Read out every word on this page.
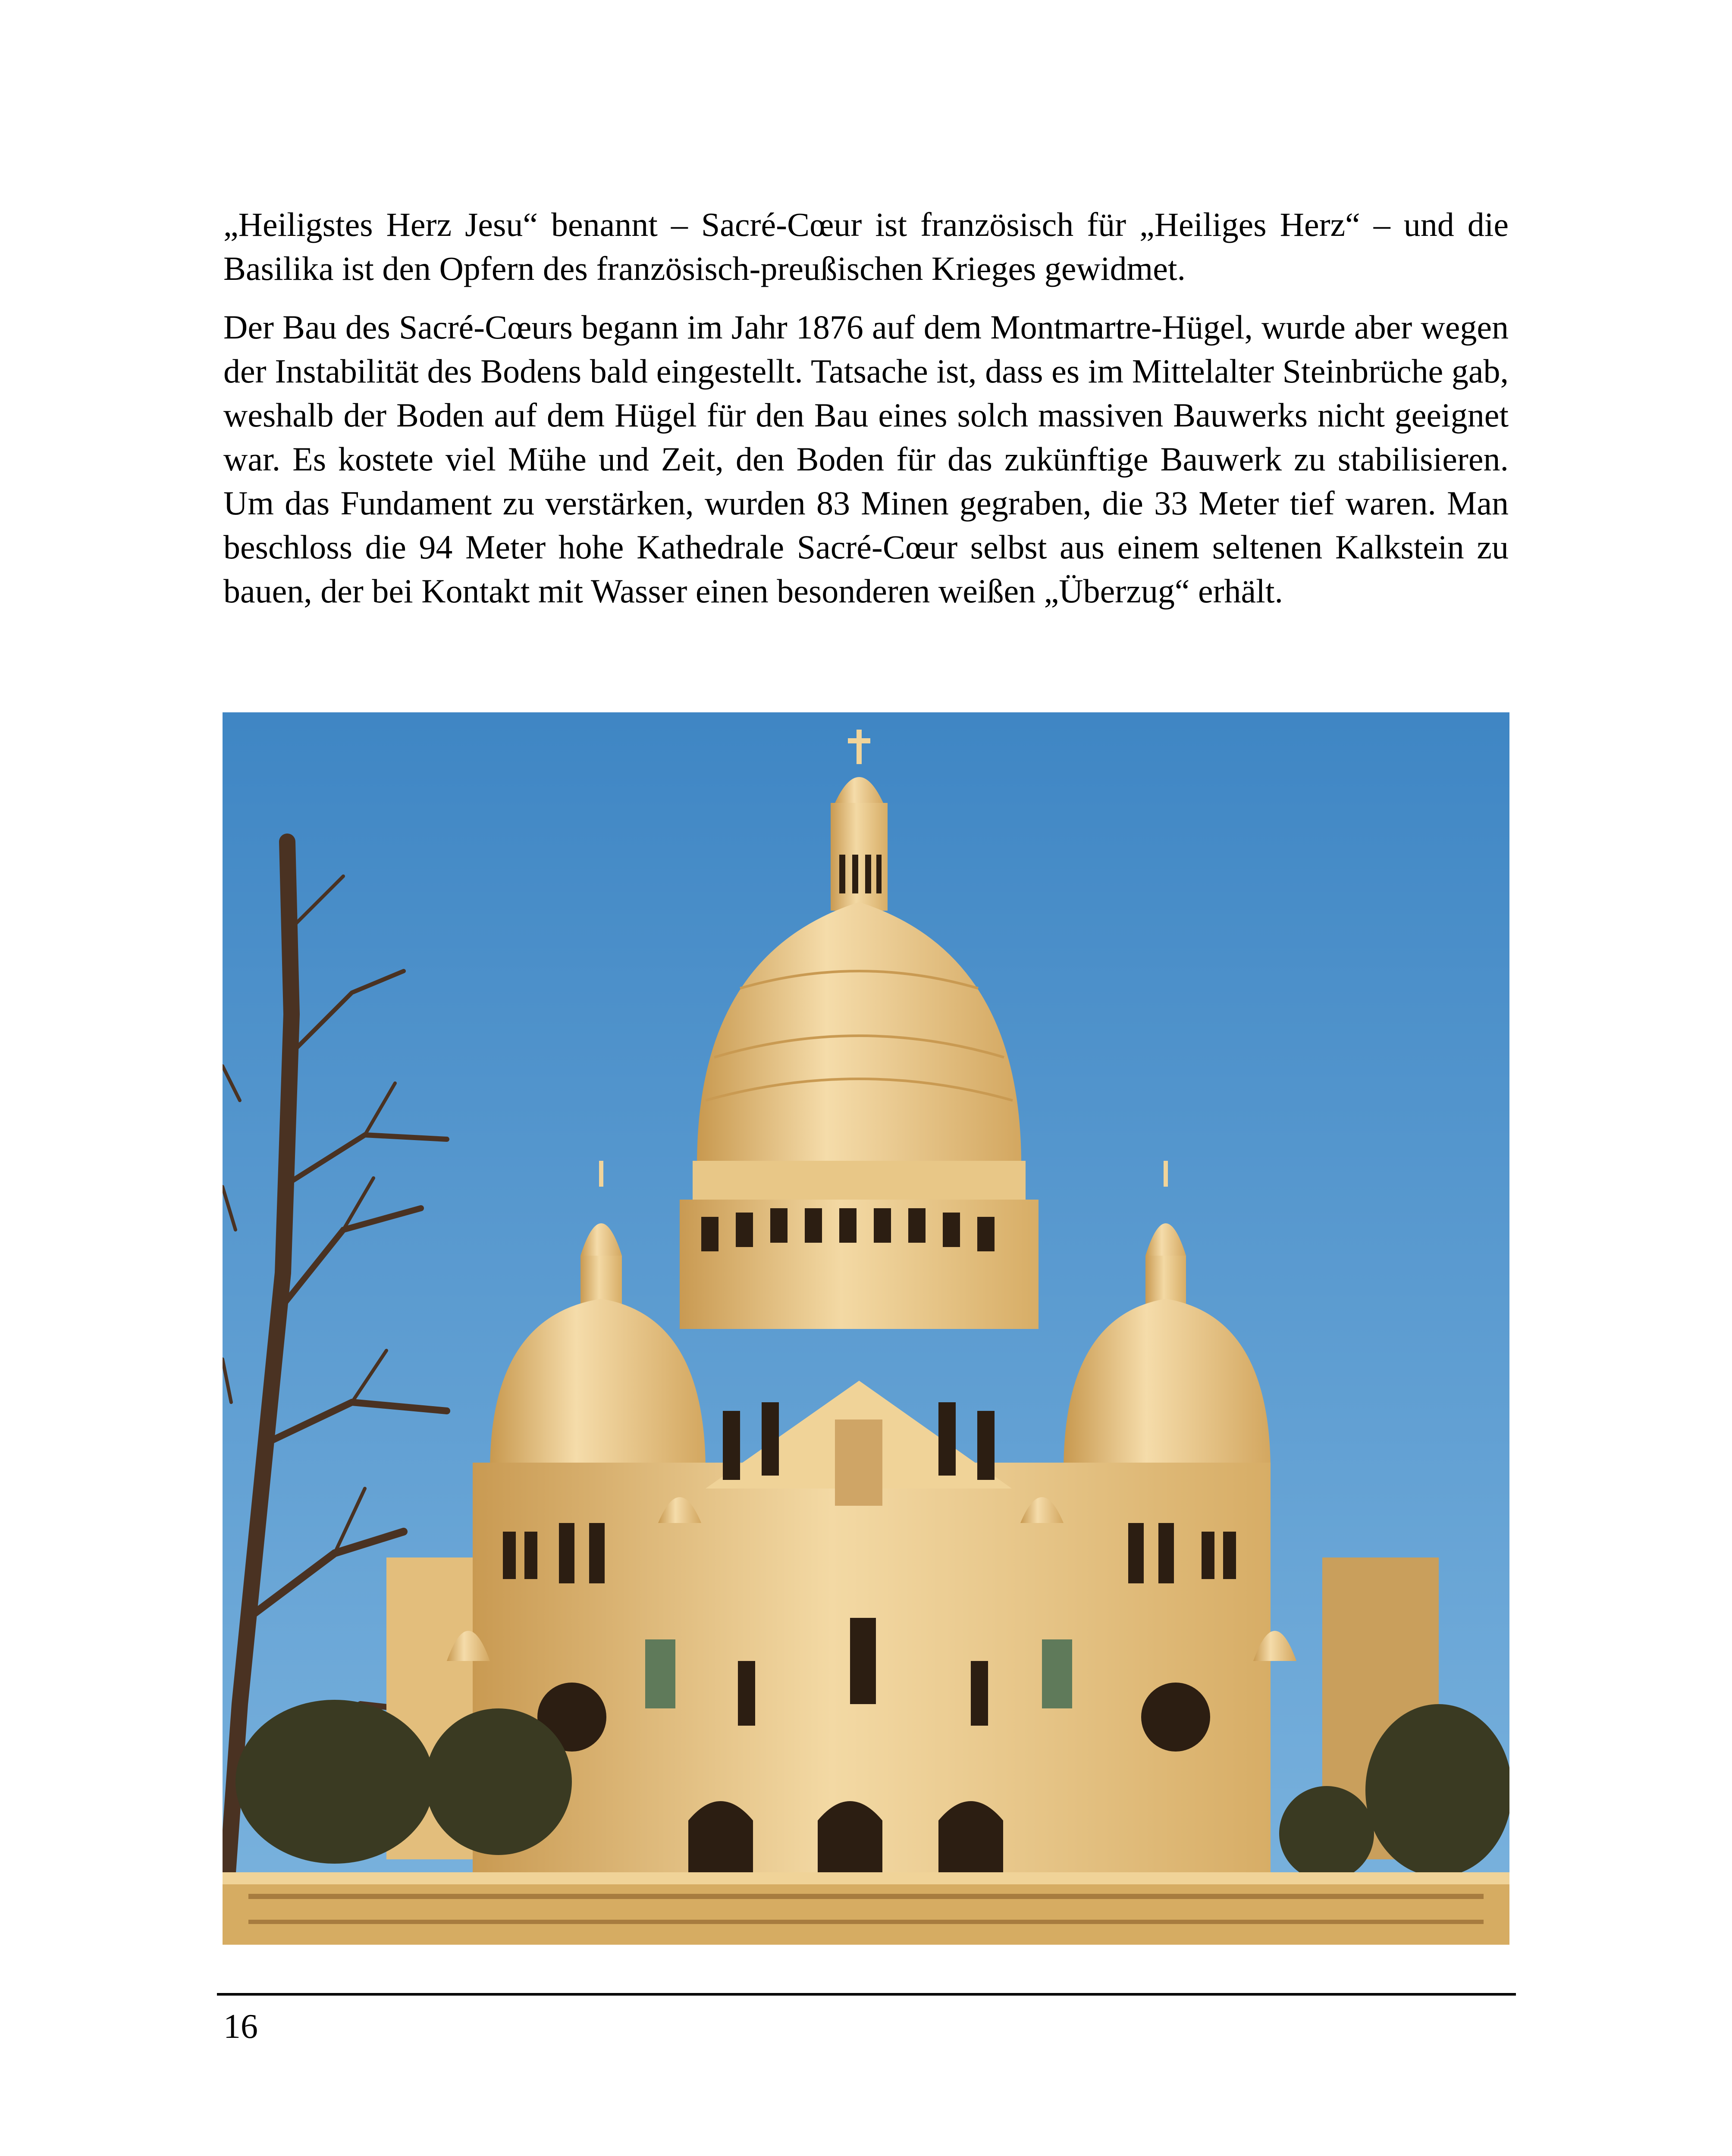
„Heiligstes Herz Jesu“ benannt – Sacré-Cœur ist französisch für „Heiliges Herz“ – und die Basilika ist den Opfern des französisch-preußischen Krieges gewidmet.

Der Bau des Sacré-Cœurs begann im Jahr 1876 auf dem Montmartre-Hügel, wurde aber wegen der Instabilität des Bodens bald eingestellt. Tatsache ist, dass es im Mittelalter Steinbrüche gab, weshalb der Boden auf dem Hügel für den Bau eines solch massiven Bauwerks nicht geeignet war. Es kostete viel Mühe und Zeit, den Boden für das zukünftige Bauwerk zu stabilisieren. Um das Fundament zu verstärken, wurden 83 Minen gegraben, die 33 Meter tief waren. Man beschloss die 94 Meter hohe Kathedrale Sacré-Cœur selbst aus einem seltenen Kalkstein zu bauen, der bei Kontakt mit Wasser einen besonderen weißen „Überzug“ erhält.

16
